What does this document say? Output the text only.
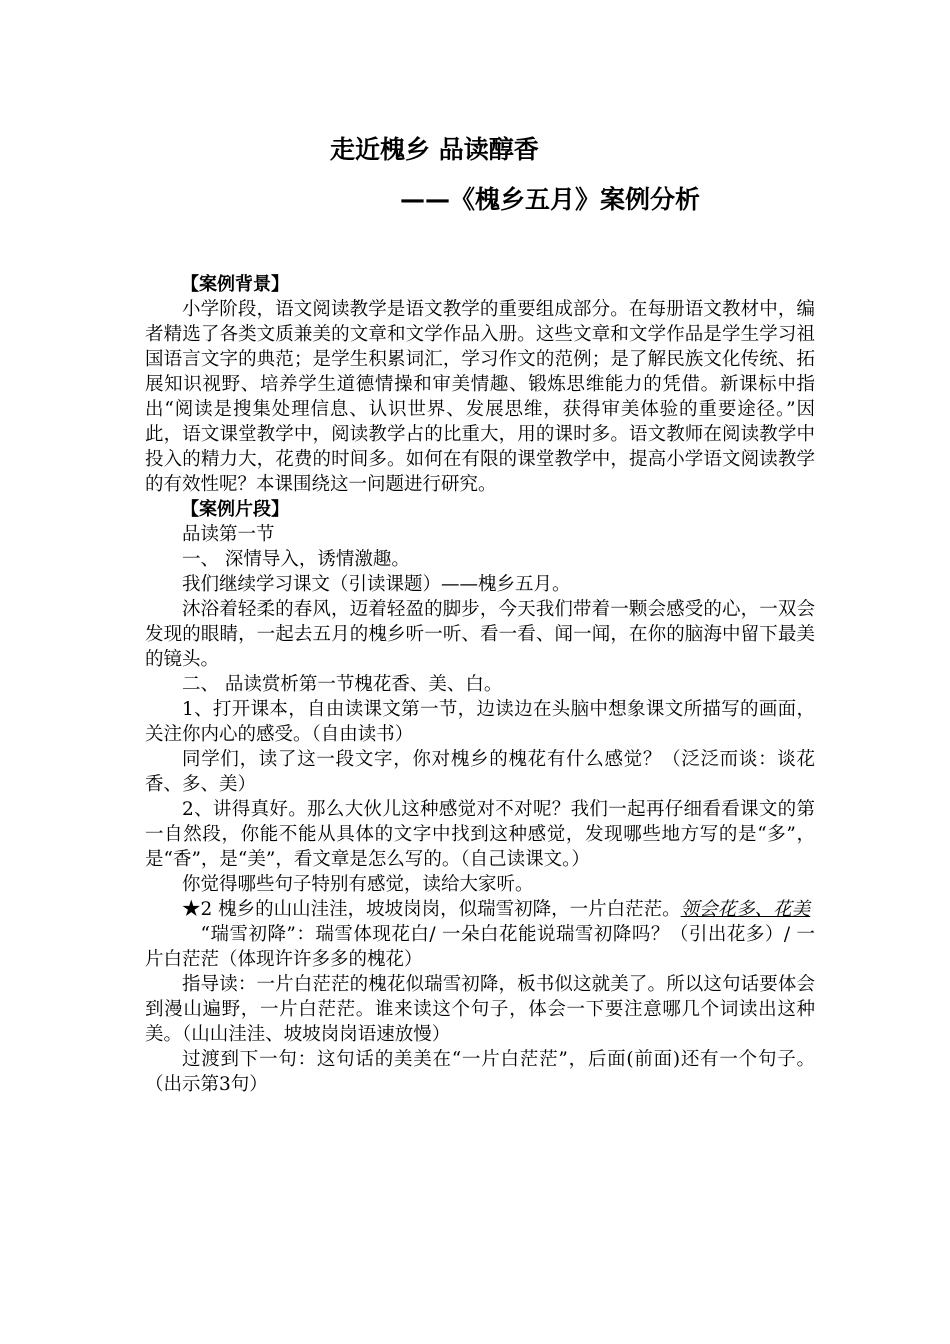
走近槐乡 品读醇香
——《槐乡五月》案例分析

【案例背景】

小学阶段，语文阅读教学是语文教学的重要组成部分。在每册语文教材中，编者精选了各类文质兼美的文章和文学作品入册。这些文章和文学作品是学生学习祖国语言文字的典范；是学生积累词汇，学习作文的范例；是了解民族文化传统、拓展知识视野、培养学生道德情操和审美情趣、锻炼思维能力的凭借。新课标中指出“阅读是搜集处理信息、认识世界、发展思维，获得审美体验的重要途径。”因此，语文课堂教学中，阅读教学占的比重大，用的课时多。语文教师在阅读教学中投入的精力大，花费的时间多。如何在有限的课堂教学中，提高小学语文阅读教学的有效性呢？本课围绕这一问题进行研究。

【案例片段】

品读第一节

一、 深情导入，诱情激趣。

我们继续学习课文（引读课题）——槐乡五月。

沐浴着轻柔的春风，迈着轻盈的脚步，今天我们带着一颗会感受的心，一双会发现的眼睛，一起去五月的槐乡听一听、看一看、闻一闻，在你的脑海中留下最美的镜头。

二、 品读赏析第一节槐花香、美、白。

1、打开课本，自由读课文第一节，边读边在头脑中想象课文所描写的画面，关注你内心的感受。（自由读书）

同学们，读了这一段文字，你对槐乡的槐花有什么感觉？（泛泛而谈：谈花香、多、美）

2、讲得真好。那么大伙儿这种感觉对不对呢？我们一起再仔细看看课文的第一自然段，你能不能从具体的文字中找到这种感觉，发现哪些地方写的是“多”，是“香”，是“美”，看文章是怎么写的。（自己读课文。）

你觉得哪些句子特别有感觉，读给大家听。

★2 槐乡的山山洼洼，坡坡岗岗，似瑞雪初降，一片白茫茫。领会花多、花美

“瑞雪初降”：瑞雪体现花白/ 一朵白花能说瑞雪初降吗？（引出花多）/ 一片白茫茫（体现许许多多的槐花）

指导读：一片白茫茫的槐花似瑞雪初降，板书似这就美了。所以这句话要体会到漫山遍野，一片白茫茫。谁来读这个句子，体会一下要注意哪几个词读出这种美。（山山洼洼、坡坡岗岗语速放慢）

过渡到下一句：这句话的美美在“一片白茫茫”，后面(前面)还有一个句子。（出示第3句）
